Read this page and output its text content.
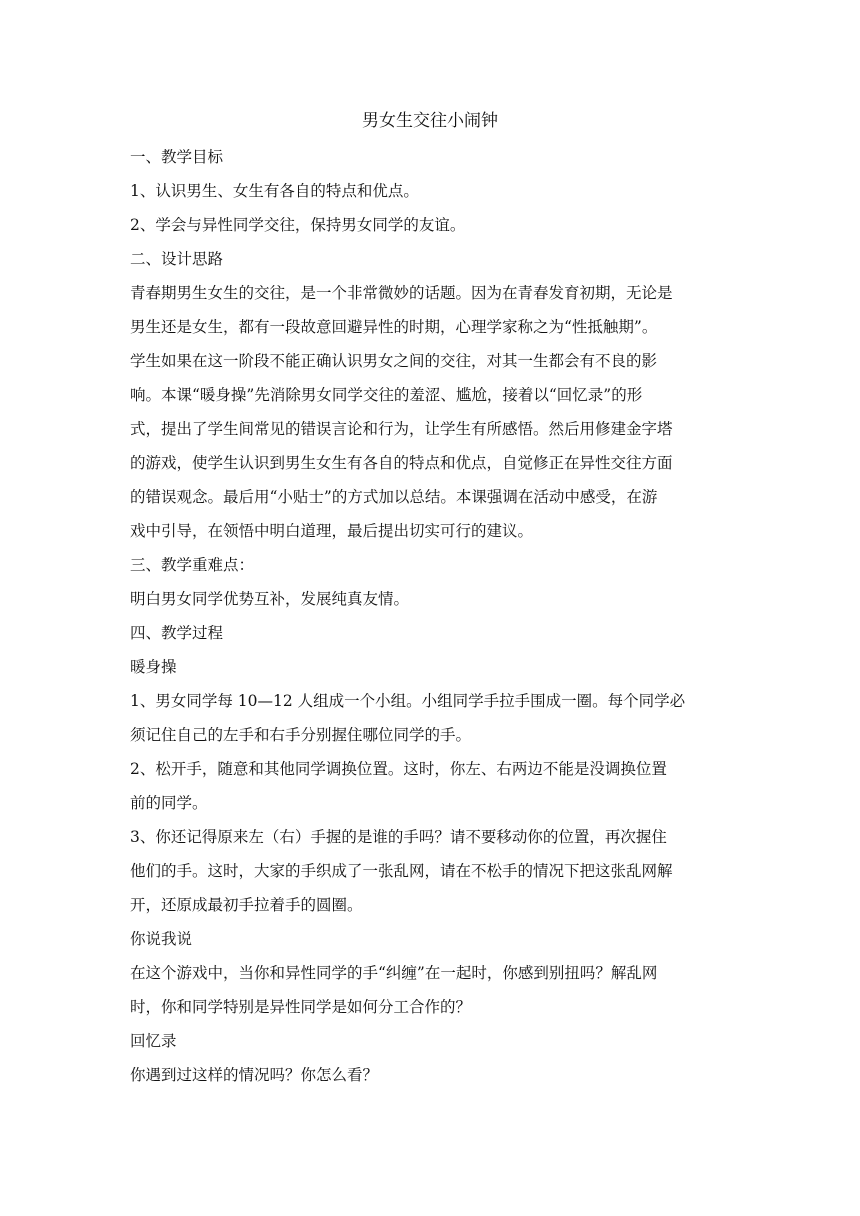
男女生交往小闹钟

一、教学目标

1、认识男生、女生有各自的特点和优点。

2、学会与异性同学交往，保持男女同学的友谊。

二、设计思路

青春期男生女生的交往，是一个非常微妙的话题。因为在青春发育初期，无论是
男生还是女生，都有一段故意回避异性的时期，心理学家称之为“性抵触期”。
学生如果在这一阶段不能正确认识男女之间的交往，对其一生都会有不良的影
响。本课“暖身操”先消除男女同学交往的羞涩、尴尬，接着以“回忆录”的形
式，提出了学生间常见的错误言论和行为，让学生有所感悟。然后用修建金字塔
的游戏，使学生认识到男生女生有各自的特点和优点，自觉修正在异性交往方面
的错误观念。最后用“小贴士”的方式加以总结。本课强调在活动中感受，在游
戏中引导，在领悟中明白道理，最后提出切实可行的建议。

三、教学重难点：

明白男女同学优势互补，发展纯真友情。

四、教学过程

暖身操

1、男女同学每 10—12 人组成一个小组。小组同学手拉手围成一圈。每个同学必
须记住自己的左手和右手分别握住哪位同学的手。
2、松开手，随意和其他同学调换位置。这时，你左、右两边不能是没调换位置
前的同学。
3、你还记得原来左（右）手握的是谁的手吗？请不要移动你的位置，再次握住
他们的手。这时，大家的手织成了一张乱网，请在不松手的情况下把这张乱网解
开，还原成最初手拉着手的圆圈。

你说我说

在这个游戏中，当你和异性同学的手“纠缠”在一起时，你感到别扭吗？解乱网
时，你和同学特别是异性同学是如何分工合作的？

回忆录

你遇到过这样的情况吗？你怎么看？
